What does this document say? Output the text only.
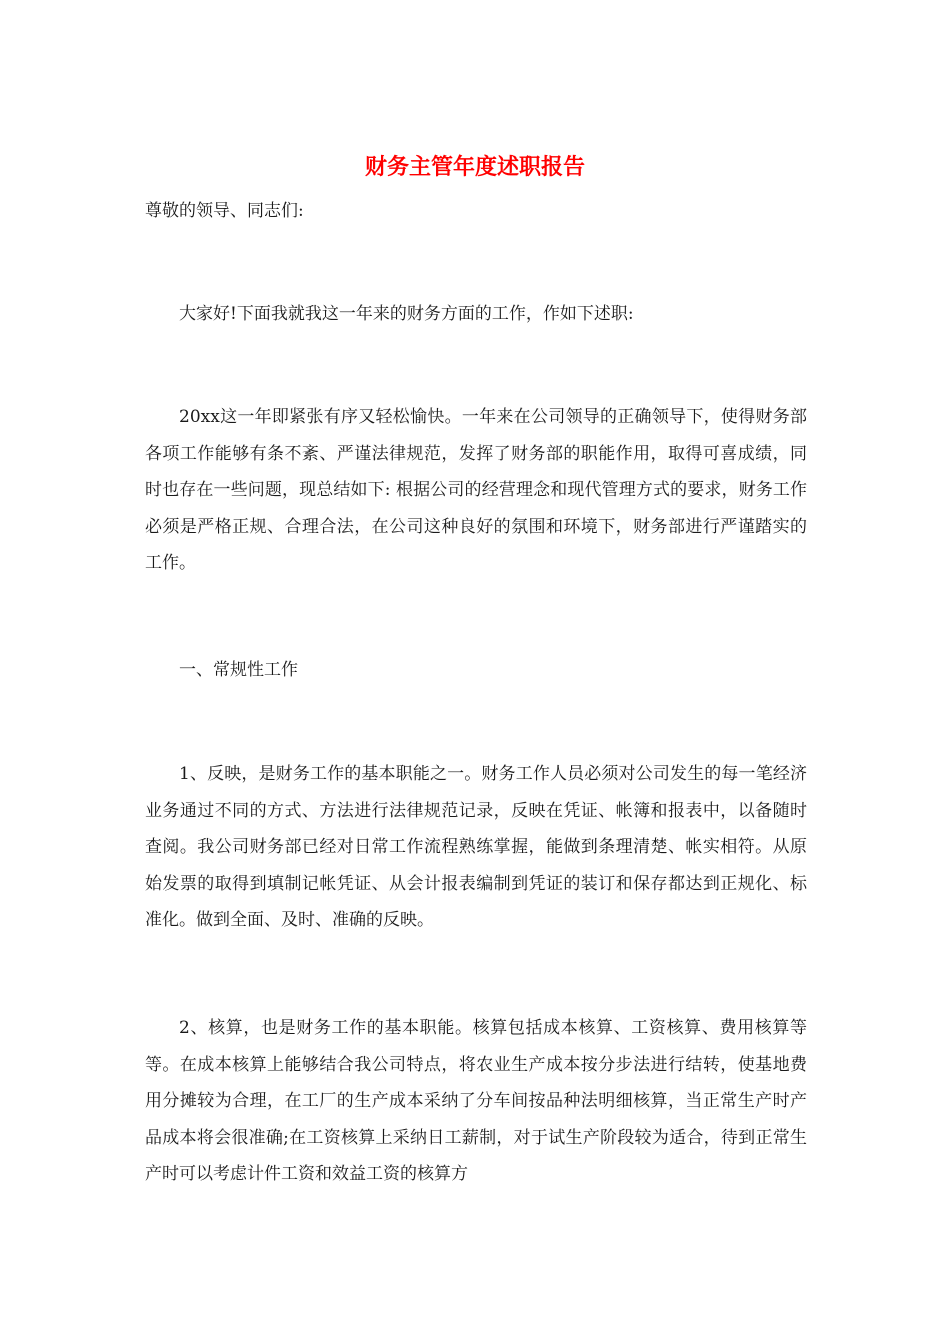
财务主管年度述职报告

尊敬的领导、同志们:

大家好!下面我就我这一年来的财务方面的工作，作如下述职:

20xx这一年即紧张有序又轻松愉快。一年来在公司领导的正确领导下，使得财务部各项工作能够有条不紊、严谨法律规范，发挥了财务部的职能作用，取得可喜成绩，同时也存在一些问题，现总结如下: 根据公司的经营理念和现代管理方式的要求，财务工作必须是严格正规、合理合法，在公司这种良好的氛围和环境下，财务部进行严谨踏实的工作。

一、常规性工作

1、反映，是财务工作的基本职能之一。财务工作人员必须对公司发生的每一笔经济业务通过不同的方式、方法进行法律规范记录，反映在凭证、帐簿和报表中，以备随时查阅。我公司财务部已经对日常工作流程熟练掌握，能做到条理清楚、帐实相符。从原始发票的取得到填制记帐凭证、从会计报表编制到凭证的装订和保存都达到正规化、标准化。做到全面、及时、准确的反映。

2、核算，也是财务工作的基本职能。核算包括成本核算、工资核算、费用核算等等。在成本核算上能够结合我公司特点，将农业生产成本按分步法进行结转，使基地费用分摊较为合理，在工厂的生产成本采纳了分车间按品种法明细核算，当正常生产时产品成本将会很准确;在工资核算上采纳日工薪制，对于试生产阶段较为适合，待到正常生产时可以考虑计件工资和效益工资的核算方
